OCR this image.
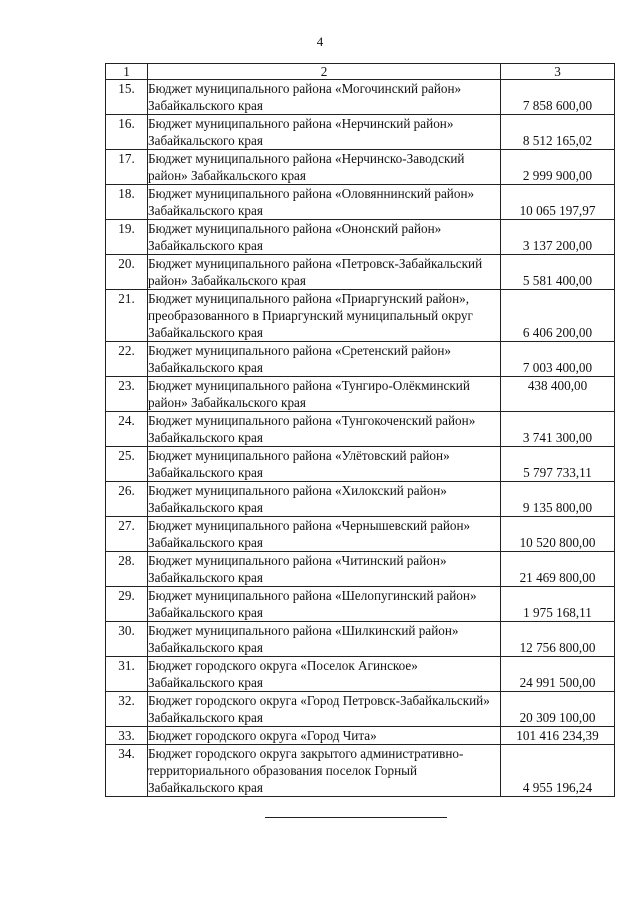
4
1	2	3
15.	Бюджет муниципального района «Могочинский район» Забайкальского края	7 858 600,00
16.	Бюджет муниципального района «Нерчинский район» Забайкальского края	8 512 165,02
17.	Бюджет муниципального района «Нерчинско-Заводский район» Забайкальского края	2 999 900,00
18.	Бюджет муниципального района «Оловяннинский район» Забайкальского края	10 065 197,97
19.	Бюджет муниципального района «Ононский район» Забайкальского края	3 137 200,00
20.	Бюджет муниципального района «Петровск-Забайкальский район» Забайкальского края	5 581 400,00
21.	Бюджет муниципального района «Приаргунский район», преобразованного в Приаргунский муниципальный округ Забайкальского края	6 406 200,00
22.	Бюджет муниципального района «Сретенский район» Забайкальского края	7 003 400,00
23.	Бюджет муниципального района «Тунгиро-Олёкминский район» Забайкальского края	438 400,00
24.	Бюджет муниципального района «Тунгокоченский район» Забайкальского края	3 741 300,00
25.	Бюджет муниципального района «Улётовский район» Забайкальского края	5 797 733,11
26.	Бюджет муниципального района «Хилокский район» Забайкальского края	9 135 800,00
27.	Бюджет муниципального района «Чернышевский район» Забайкальского края	10 520 800,00
28.	Бюджет муниципального района «Читинский район» Забайкальского края	21 469 800,00
29.	Бюджет муниципального района «Шелопугинский район» Забайкальского края	1 975 168,11
30.	Бюджет муниципального района «Шилкинский район» Забайкальского края	12 756 800,00
31.	Бюджет городского округа «Поселок Агинское» Забайкальского края	24 991 500,00
32.	Бюджет городского округа «Город Петровск-Забайкальский» Забайкальского края	20 309 100,00
33.	Бюджет городского округа «Город Чита»	101 416 234,39
34.	Бюджет городского округа закрытого административно-территориального образования поселок Горный Забайкальского края	4 955 196,24
